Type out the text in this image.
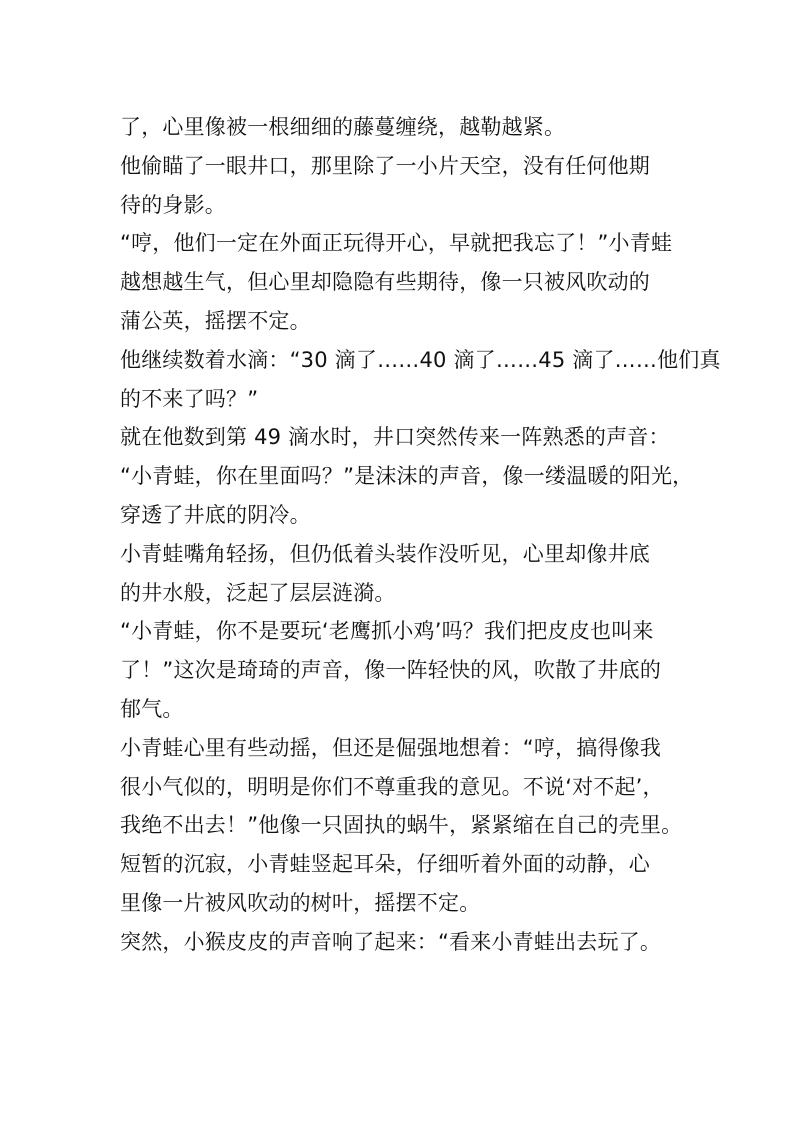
了，心里像被一根细细的藤蔓缠绕，越勒越紧。
他偷瞄了一眼井口，那里除了一小片天空，没有任何他期
待的身影。
“哼，他们一定在外面正玩得开心，早就把我忘了！”小青蛙
越想越生气，但心里却隐隐有些期待，像一只被风吹动的
蒲公英，摇摆不定。
他继续数着水滴：“30 滴了……40 滴了……45 滴了……他们真
的不来了吗？”
就在他数到第 49 滴水时，井口突然传来一阵熟悉的声音：
“小青蛙，你在里面吗？”是沫沫的声音，像一缕温暖的阳光，
穿透了井底的阴冷。
小青蛙嘴角轻扬，但仍低着头装作没听见，心里却像井底
的井水般，泛起了层层涟漪。
“小青蛙，你不是要玩‘老鹰抓小鸡’吗？我们把皮皮也叫来
了！”这次是琦琦的声音，像一阵轻快的风，吹散了井底的
郁气。
小青蛙心里有些动摇，但还是倔强地想着：“哼，搞得像我
很小气似的，明明是你们不尊重我的意见。不说‘对不起’，
我绝不出去！”他像一只固执的蜗牛，紧紧缩在自己的壳里。
短暂的沉寂，小青蛙竖起耳朵，仔细听着外面的动静，心
里像一片被风吹动的树叶，摇摆不定。
突然，小猴皮皮的声音响了起来：“看来小青蛙出去玩了。
